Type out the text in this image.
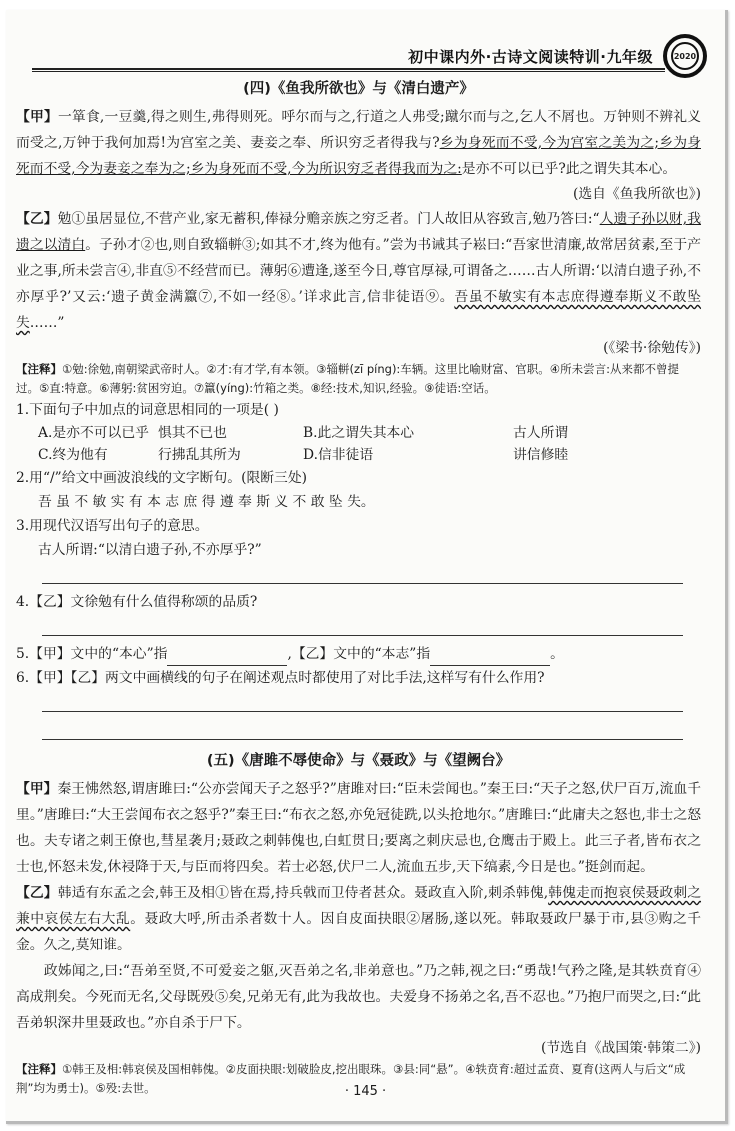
初中课内外·古诗文阅读特训·九年级	2020
(四)《鱼我所欲也》与《清白遗产》
【甲】一箪食,一豆羹,得之则生,弗得则死。呼尔而与之,行道之人弗受;蹴尔而与之,乞人不屑也。万钟则不辨礼义而受之,万钟于我何加焉!为宫室之美、妻妾之奉、所识穷乏者得我与?乡为身死而不受,今为宫室之美为之;乡为身死而不受,今为妻妾之奉为之;乡为身死而不受,今为所识穷乏者得我而为之:是亦不可以已乎?此之谓失其本心。
(选自《鱼我所欲也》)
【乙】勉①虽居显位,不营产业,家无蓄积,俸禄分赡亲族之穷乏者。门人故旧从容致言,勉乃答曰:“人遗子孙以财,我遗之以清白。子孙才②也,则自致辎軿③;如其不才,终为他有。”尝为书诫其子崧曰:“吾家世清廉,故常居贫素,至于产业之事,所未尝言④,非直⑤不经营而已。薄躬⑥遭逢,遂至今日,尊官厚禄,可谓备之……古人所谓:‘以清白遗子孙,不亦厚乎?’又云:‘遗子黄金满籝⑦,不如一经⑧。’详求此言,信非徒语⑨。吾虽不敏实有本志庶得遵奉斯义不敢坠失……”
(《梁书·徐勉传》)
【注释】①勉:徐勉,南朝梁武帝时人。②才:有才学,有本领。③辎軿(zī píng):车辆。这里比喻财富、官职。④所未尝言:从来都不曾提过。⑤直:特意。⑥薄躬:贫困穷迫。⑦籝(yíng):竹箱之类。⑧经:技术,知识,经验。⑨徒语:空话。
1.下面句子中加点的词意思相同的一项是( )
A.是亦不可以已乎 惧其不已也	B.此之谓失其本心	古人所谓
C.终为他有	行拂乱其所为	D.信非徒语	讲信修睦
2.用“/”给文中画波浪线的文字断句。(限断三处)
吾 虽 不 敏 实 有 本 志 庶 得 遵 奉 斯 义 不 敢 坠 失。
3.用现代汉语写出句子的意思。
古人所谓:“以清白遗子孙,不亦厚乎?”
4.【乙】文徐勉有什么值得称颂的品质?
5.【甲】文中的“本心”指	,【乙】文中的“本志”指	。
6.【甲】【乙】两文中画横线的句子在阐述观点时都使用了对比手法,这样写有什么作用?
(五)《唐雎不辱使命》与《聂政》与《望阙台》
【甲】秦王怫然怒,谓唐雎曰:“公亦尝闻天子之怒乎?”唐雎对曰:“臣未尝闻也。”秦王曰:“天子之怒,伏尸百万,流血千里。”唐雎曰:“大王尝闻布衣之怒乎?”秦王曰:“布衣之怒,亦免冠徒跣,以头抢地尔。”唐雎曰:“此庸夫之怒也,非士之怒也。夫专诸之刺王僚也,彗星袭月;聂政之刺韩傀也,白虹贯日;要离之刺庆忌也,仓鹰击于殿上。此三子者,皆布衣之士也,怀怒未发,休祲降于天,与臣而将四矣。若士必怒,伏尸二人,流血五步,天下缟素,今日是也。”挺剑而起。
【乙】韩适有东孟之会,韩王及相①皆在焉,持兵戟而卫侍者甚众。聂政直入阶,刺杀韩傀,韩傀走而抱哀侯聂政刺之兼中哀侯左右大乱。聂政大呼,所击杀者数十人。因自皮面抉眼②屠肠,遂以死。韩取聂政尸暴于市,县③购之千金。久之,莫知谁。
　　政姊闻之,曰:“吾弟至贤,不可爱妾之躯,灭吾弟之名,非弟意也。”乃之韩,视之曰:“勇哉!气矜之隆,是其轶贲育④高成荆矣。今死而无名,父母既殁⑤矣,兄弟无有,此为我故也。夫爱身不扬弟之名,吾不忍也。”乃抱尸而哭之,曰:“此吾弟轵深井里聂政也。”亦自杀于尸下。
(节选自《战国策·韩策二》)
【注释】①韩王及相:韩哀侯及国相韩傀。②皮面抉眼:划破脸皮,挖出眼珠。③县:同“悬”。④轶贲育:超过孟贲、夏育(这两人与后文“成荆”均为勇士)。⑤殁:去世。	· 145 ·
